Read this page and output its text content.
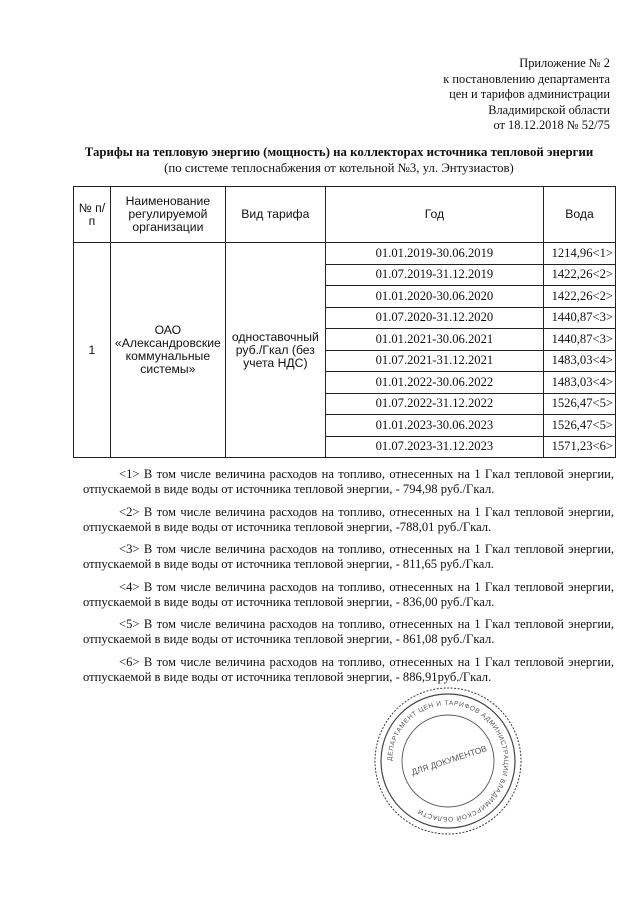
Приложение № 2
к постановлению департамента
цен и тарифов администрации
Владимирской области
от 18.12.2018 № 52/75
Тарифы на тепловую энергию (мощность) на коллекторах источника тепловой энергии
(по системе теплоснабжения от котельной №3, ул. Энтузиастов)
№ п/п	Наименование регулируемой организации	Вид тарифа	Год	Вода
1	ОАО «Александровские коммунальные системы»	одноставочный руб./Гкал (без учета НДС)	01.01.2019-30.06.2019	1214,96<1>
			01.07.2019-31.12.2019	1422,26<2>
			01.01.2020-30.06.2020	1422,26<2>
			01.07.2020-31.12.2020	1440,87<3>
			01.01.2021-30.06.2021	1440,87<3>
			01.07.2021-31.12.2021	1483,03<4>
			01.01.2022-30.06.2022	1483,03<4>
			01.07.2022-31.12.2022	1526,47<5>
			01.01.2023-30.06.2023	1526,47<5>
			01.07.2023-31.12.2023	1571,23<6>

<1> В том числе величина расходов на топливо, отнесенных на 1 Гкал тепловой энергии, отпускаемой в виде воды от источника тепловой энергии, - 794,98 руб./Гкал.

<2> В том числе величина расходов на топливо, отнесенных на 1 Гкал тепловой энергии, отпускаемой в виде воды от источника тепловой энергии, -788,01 руб./Гкал.

<3> В том числе величина расходов на топливо, отнесенных на 1 Гкал тепловой энергии, отпускаемой в виде воды от источника тепловой энергии, - 811,65 руб./Гкал.

<4> В том числе величина расходов на топливо, отнесенных на 1 Гкал тепловой энергии, отпускаемой в виде воды от источника тепловой энергии, - 836,00 руб./Гкал.

<5> В том числе величина расходов на топливо, отнесенных на 1 Гкал тепловой энергии, отпускаемой в виде воды от источника тепловой энергии, - 861,08 руб./Гкал.

<6> В том числе величина расходов на топливо, отнесенных на 1 Гкал тепловой энергии, отпускаемой в виде воды от источника тепловой энергии, - 886,91руб./Гкал.

ДЕПАРТАМЕНТ ЦЕН И ТАРИФОВ АДМИНИСТРАЦИИ ВЛАДИМИРСКОЙ ОБЛАСТИ
ДЛЯ ДОКУМЕНТОВ
